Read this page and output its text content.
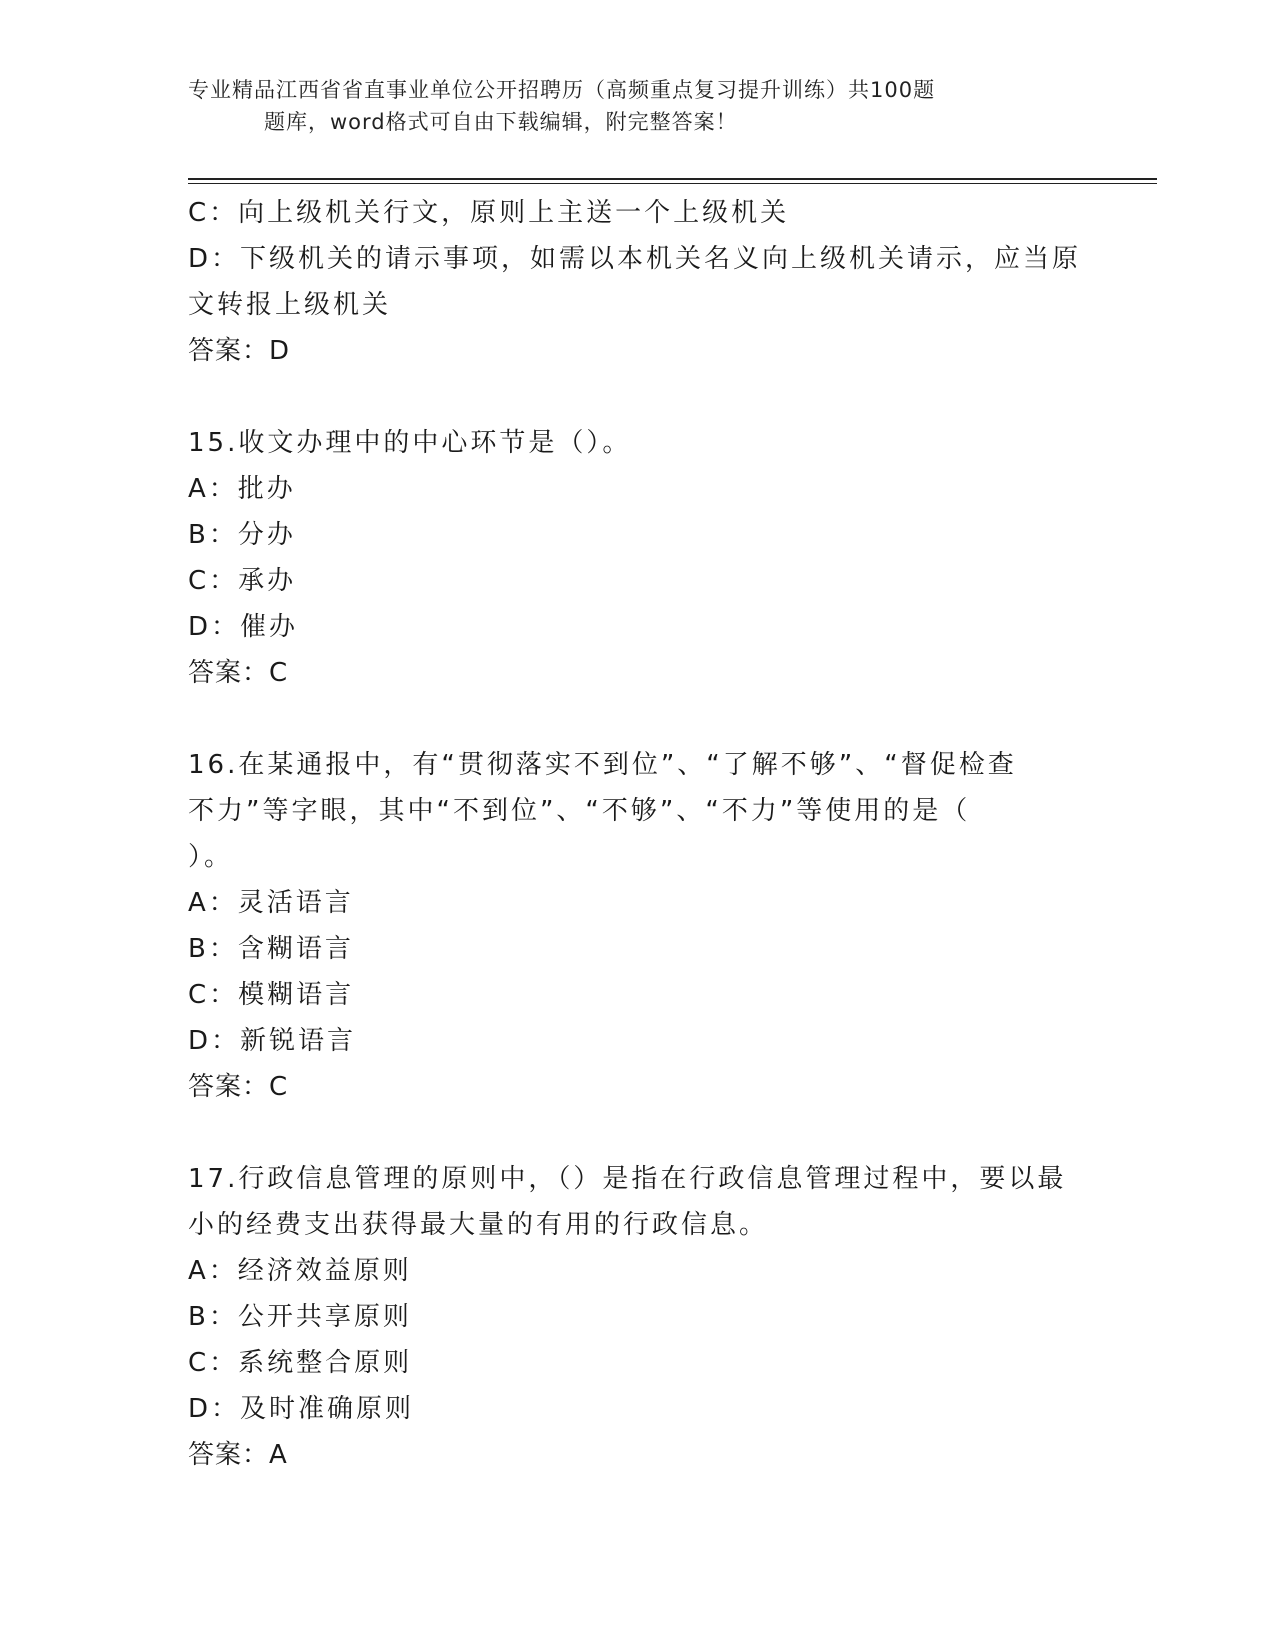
专业精品江西省省直事业单位公开招聘历（高频重点复习提升训练）共100题
题库，word格式可自由下载编辑，附完整答案！
C：向上级机关行文，原则上主送一个上级机关
D：下级机关的请示事项，如需以本机关名义向上级机关请示，应当原
文转报上级机关
答案：D
15.收文办理中的中心环节是（）。
A：批办
B：分办
C：承办
D：催办
答案：C
16.在某通报中，有“贯彻落实不到位”、“了解不够”、“督促检查
不力”等字眼，其中“不到位”、“不够”、“不力”等使用的是（
）。
A：灵活语言
B：含糊语言
C：模糊语言
D：新锐语言
答案：C
17.行政信息管理的原则中，（）是指在行政信息管理过程中，要以最
小的经费支出获得最大量的有用的行政信息。
A：经济效益原则
B：公开共享原则
C：系统整合原则
D：及时准确原则
答案：A
